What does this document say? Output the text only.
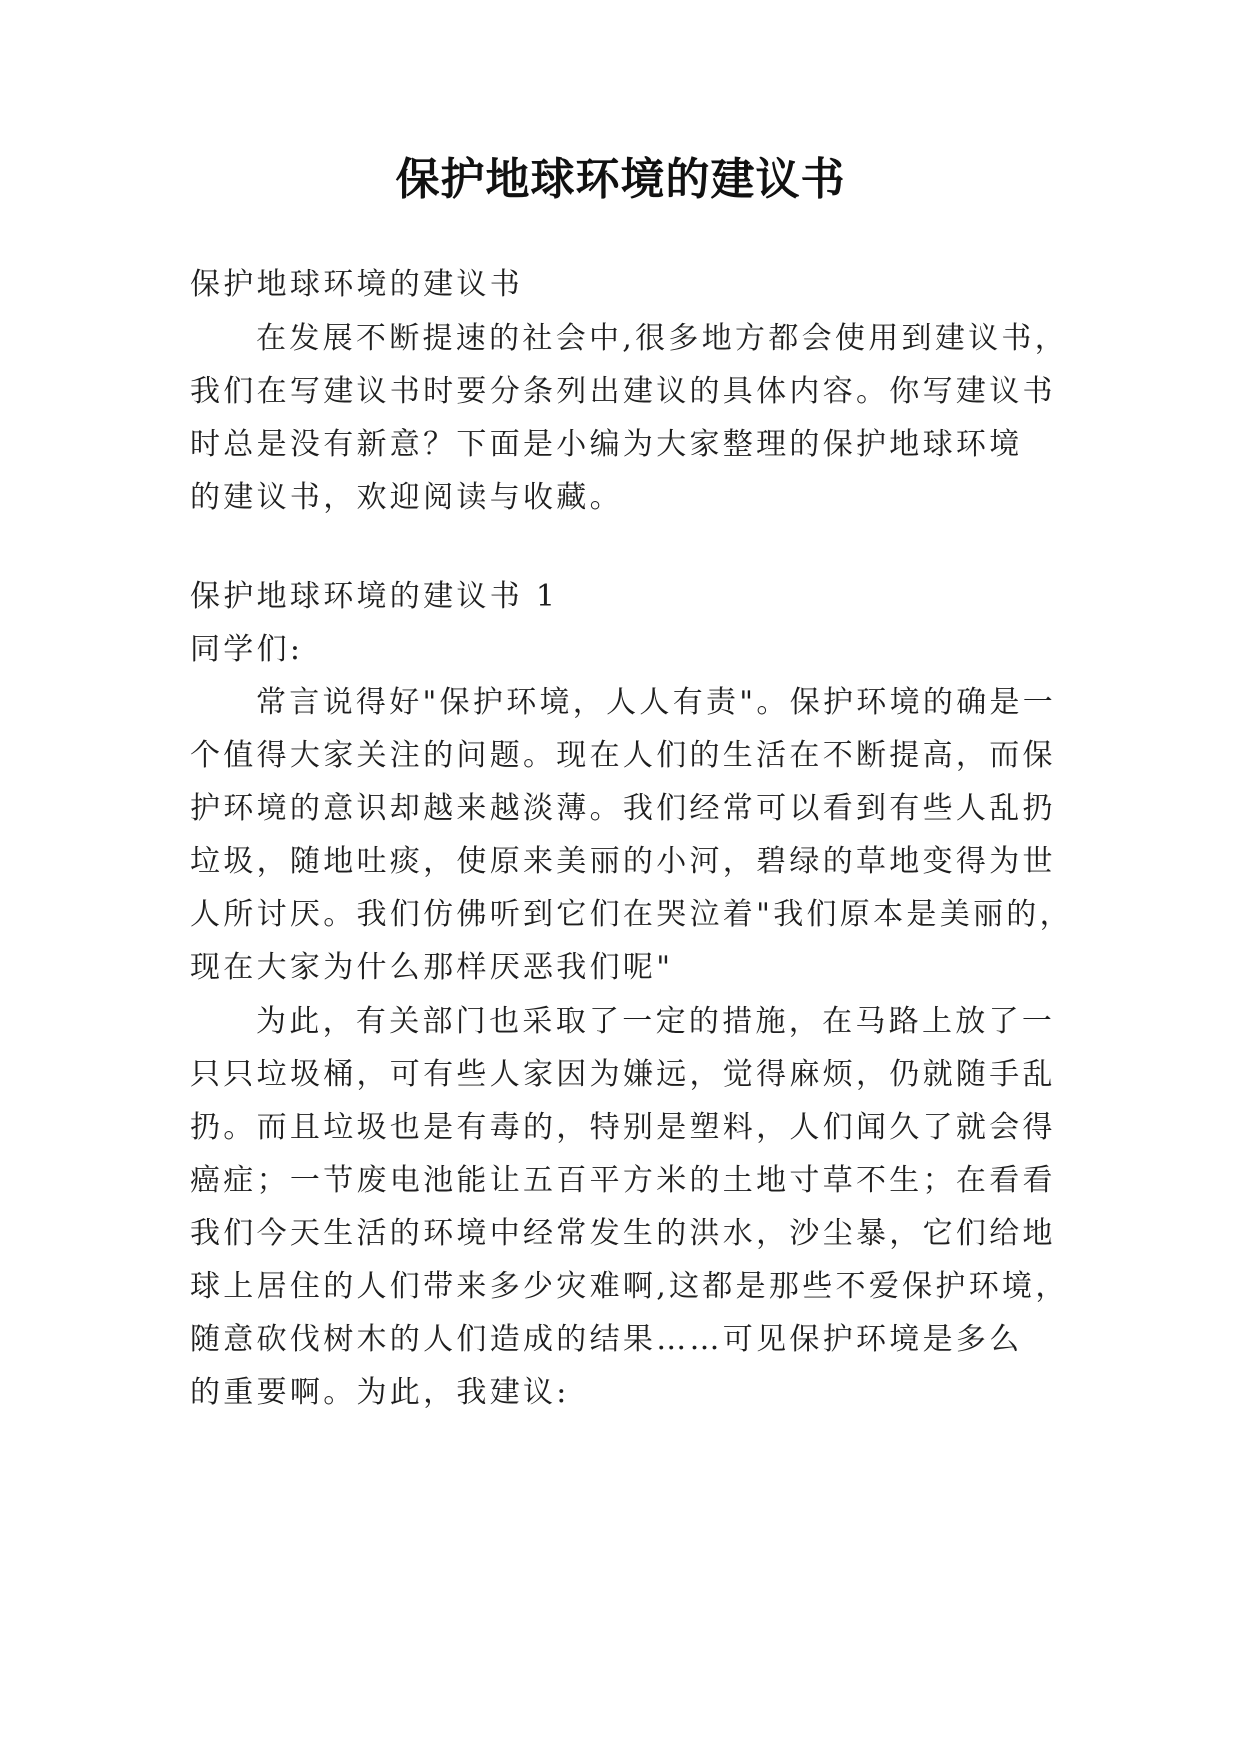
保护地球环境的建议书
保护地球环境的建议书
在发展不断提速的社会中,很多地方都会使用到建议书，
我们在写建议书时要分条列出建议的具体内容。你写建议书
时总是没有新意？下面是小编为大家整理的保护地球环境
的建议书，欢迎阅读与收藏。
保护地球环境的建议书 1
同学们:
常言说得好"保护环境，人人有责"。保护环境的确是一
个值得大家关注的问题。现在人们的生活在不断提高，而保
护环境的意识却越来越淡薄。我们经常可以看到有些人乱扔
垃圾，随地吐痰，使原来美丽的小河，碧绿的草地变得为世
人所讨厌。我们仿佛听到它们在哭泣着"我们原本是美丽的，
现在大家为什么那样厌恶我们呢"
为此，有关部门也采取了一定的措施，在马路上放了一
只只垃圾桶，可有些人家因为嫌远，觉得麻烦，仍就随手乱
扔。而且垃圾也是有毒的，特别是塑料，人们闻久了就会得
癌症；一节废电池能让五百平方米的土地寸草不生；在看看
我们今天生活的环境中经常发生的洪水，沙尘暴，它们给地
球上居住的人们带来多少灾难啊,这都是那些不爱保护环境，
随意砍伐树木的人们造成的结果……可见保护环境是多么
的重要啊。为此，我建议:
